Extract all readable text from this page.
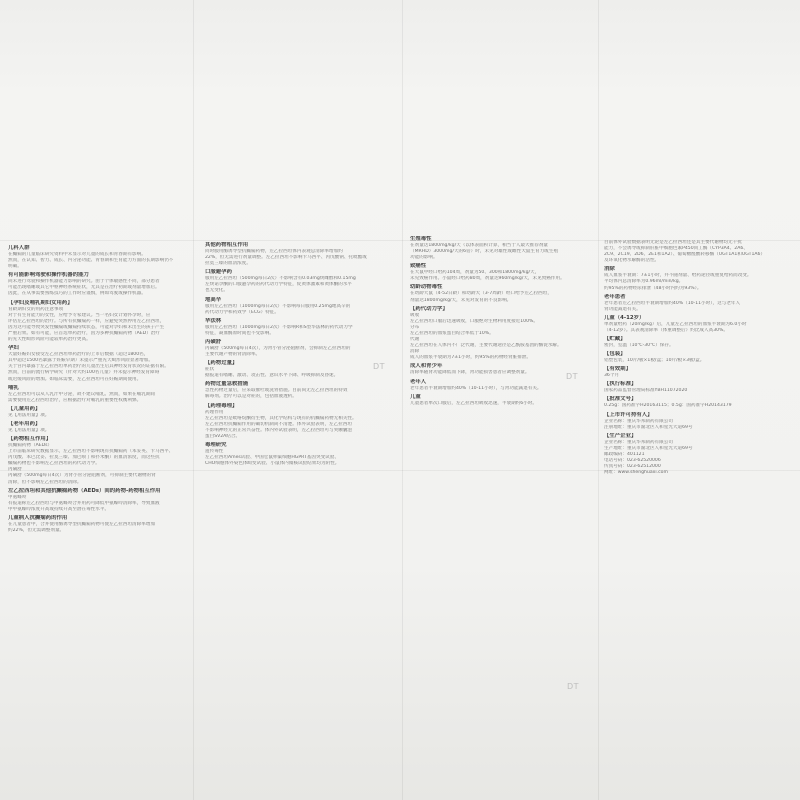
儿科人群
在癫痫的儿童临床研究资料中未显示对儿童的成长和青春期有影响。
然而，在认知、智力、成长、内分泌功能、青春期和生育能力方面的长期影响仍不
明确。
有可能影响驾驶和操作机器的能力
尚未进行驾驶和操作机器能力影响的研究。由于个体敏感性不同，部分患者
可能出现嗜睡或其它中枢神经系统症状，尤其是在治疗初期或剂量增加后。
因此，在从事需要熟练技巧的工作时应谨慎，例如驾驶或操作机器。
【孕妇及哺乳期妇女用药】
育龄期妇女的用药注意事项
对于有生育能力的女性，应给予专家建议。当一名妇女计划怀孕时，应
评估左乙拉西坦的治疗。与所有抗癫痫药一样，应避免突然停用左乙拉西坦，
因为这可能导致突发性癫痫或癫痫持续状态，可能对孕妇和未出生的孩子产生
严重后果。如有可能，应首选单药治疗，因为多种抗癫痫药物（AED）治疗
的先天性畸形风险可能较单药治疗更高。
孕妇
大量妊娠妇女接受左乙拉西坦单药治疗的上市后数据（超过1800名，
其中超过1500名暴露于妊娠早期）未提示严重先天畸形风险显著增加。
关于宫内暴露于左乙拉西坦单药治疗的儿童出生后其神经发育状况的证据有限。
然而，目前的流行病学研究（针对大约100名儿童）并未提示神经发育障碍
或迟缓风险的增加。如临床需要，左乙拉西坦可在妊娠期间使用。
哺乳
左乙拉西坦可以从人乳汁中分泌，故不建议哺乳。然而，如果在哺乳期间
需要使用左乙拉西坦治疗，应根据治疗对哺乳的重要性权衡利弊。
【儿童用药】
见【用法用量】项。
【老年用药】
见【用法用量】项。
【药物相互作用】
抗癫痫药物（AEDs）
上市前临床研究数据显示，左乙拉西坦不影响现有抗癫痫药（苯妥英、卡马西平、
丙戊酸、苯巴比妥、拉莫三嗪、加巴喷丁和扑米酮）的血清浓度，而这些抗
癫痫药物也不影响左乙拉西坦的药代动力学。
丙磺舒
丙磺舒（500mg每日4次）为肾小管分泌阻断剂，可抑制主要代谢物的肾
清除，但不影响左乙拉西坦的清除。
左乙拉西坦和其他抗癫痫药物（AEDs）间的药物-药物相互作用
甲氨蝶呤
有报道称左乙拉西坦与甲氨蝶呤合并用药可降低甲氨蝶呤清除率，导致血液
中甲氨蝶呤浓度升高或持续升高至潜在毒性水平。
儿童病人抗癫痫药的作用
在儿童患者中，合并使用酶诱导型抗癫痫药物可使左乙拉西坦清除率增加
约22%，但无需调整剂量。
其他药物相互作用
同时服用酶诱导型抗癫痫药物，左乙拉西坦体内表观总清除率增加约
22%，但无需进行剂量调整。左乙拉西坦不影响卡马西平、丙戊酸钠、托吡酯或
拉莫三嗪的血清浓度。
口服避孕药
服用左乙拉西坦（500mg每日2次）不影响含有0.03mg炔雌醇和0.15mg
左炔诺孕酮的口服避孕药的药代动力学特征，促黄体激素和黄体酮的水平
也无变化。
地高辛
服用左乙拉西坦（1000mg每日2次）不影响每日服用0.25mg地高辛的
药代动力学和药效学（ECG）特征。
华法林
服用左乙拉西坦（1000mg每日2次）不影响R和S型华法林的药代动力学
特征，凝血酶原时间也不受影响。
丙磺舒
丙磺舒（500mg每日4次），为肾小管分泌阻断剂，会抑制左乙拉西坦的
主要代谢产物的肾清除率。
【药物过量】
症状
据报道有嗜睡、激动、攻击性、意识水平下降、呼吸抑制及昏迷。
药物过量急救措施
急性药物过量后，应采取催吐或洗胃措施。目前尚无左乙拉西坦的特效
解毒剂。治疗可以是对症的，包括血液透析。
【药理毒理】
药理作用
左乙拉西坦是吡咯烷酮衍生物，其化学结构与现有的抗癫痫药物无相关性。
左乙拉西坦抗癫痫作用的确切机制尚不清楚。体外试验表明，左乙拉西坦
不影响神经元的正常兴奋性。体内外试验表明，左乙拉西坦可与突触囊泡
蛋白SV2A结合。
毒理研究
遗传毒性
左乙拉西坦Ames试验、中国仓鼠卵巢细胞HGPRT基因突变试验、
CHO细胞体外染色体畸变试验、小鼠体内微核试验结果均为阴性。
生殖毒性
在剂量达1800mg/kg/天（以体表面积计算，相当于人最大推荐剂量
（MRHD）3000mg/天的6倍）时，未见对雄性或雌性大鼠生育力或生殖
功能的影响。
致癌性
在大鼠中经口给药104周，剂量为50、300和1800mg/kg/天，
未见致癌作用。小鼠经口给药80周，剂量达960mg/kg/天，未见致癌作用。
幼龄动物毒性
在幼龄大鼠（4-52日龄）和幼龄犬（3-7周龄）经口给予左乙拉西坦，
剂量达1800mg/kg/天，未见对发育的不良影响。
【药代动力学】
吸收
左乙拉西坦口服后迅速吸收，口服绝对生物利用度接近100%。
分布
左乙拉西坦的血浆蛋白结合率低于10%。
代谢
左乙拉西坦在人体内不广泛代谢，主要代谢途径是乙酰胺基团的酶促水解。
消除
成人的血浆半衰期为7±1小时，约95%的药物经肾脏排泄。
成人和青少年
清除率随肾功能降低而下降，肾功能损害患者应调整剂量。
老年人
老年患者半衰期增加约40%（10-11小时），与肾功能减退有关。
儿童
儿童患者单次口服后，左乙拉西坦吸收迅速，半衰期约6小时。
目前体外试验数据表明无论是左乙拉西坦还是其主要代谢物均无干扰
能力，不会诱导或抑制肝脏中细胞色素P450同工酶（CYP3A4、2A6、
2C9、2C19、2D6、2E1和1A2）、葡萄糖醛酸转移酶（UGT1A1和UGT1A6）
及环氧化物水解酶的活性。
消除
成人血浆半衰期：7±1小时，并不随剂量、给药途径或重复给药而改变。
平均体内总清除率为0.96ml/min/kg。
约95%的药物经尿排泄（48小时内约为93%）。
老年患者
老年患者左乙拉西坦半衰期增加约40%（10-11小时），这与老年人
肾功能减退有关。
儿童（4-12岁）
单剂量给药（20mg/kg）后，儿童左乙拉西坦的血浆半衰期为6.0小时
（4-12岁）。其表观清除率（体重调整后）约比成人高30%。
【贮藏】
密封，室温（10℃-30℃）保存。
【包装】
铝塑包装，10片/板×1板/盒；10片/板×3板/盒。
【有效期】
36个月
【执行标准】
国家药品监督管理局标准YBH11072020
【批准文号】
0.25g：国药准字H20163115；0.5g：国药准字H20143179
【上市许可持有人】
企业名称：重庆华邦制药有限公司
注册地址：重庆市渝北区人和星光大道69号
【生产企业】
企业名称：重庆华邦制药有限公司
生产地址：重庆市渝北区人和星光大道69号
邮政编码：401121
电话号码：023-62520006
传真号码：023-62512000
网址：www.shenghuaxi.com
DT
DT
DT
